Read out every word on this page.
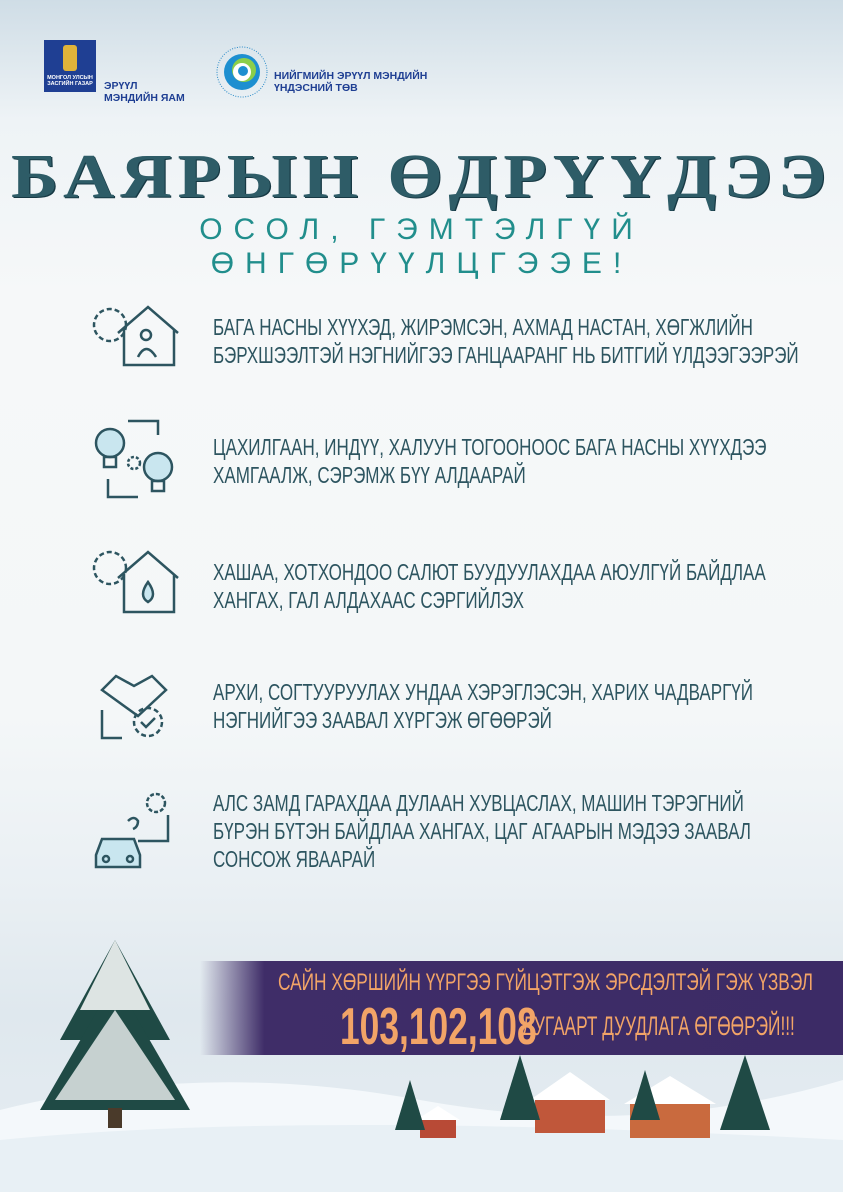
МОНГОЛ УЛСЫН ЗАСГИЙН ГАЗАР ЭРҮҮЛ
МЭНДИЙН ЯАМ
НИЙГМИЙН ЭРҮҮЛ МЭНДИЙН
ҮНДЭСНИЙ ТӨВ
БАЯРЫН ӨДРҮҮДЭЭ
ОСОЛ, ГЭМТЭЛГҮЙ ӨНГӨРҮҮЛЦГЭЭЕ!
БАГА НАСНЫ ХҮҮХЭД, ЖИРЭМСЭН, АХМАД НАСТАН, ХӨГЖЛИЙН
БЭРХШЭЭЛТЭЙ НЭГНИЙГЭЭ ГАНЦААРАНГ НЬ БИТГИЙ ҮЛДЭЭГЭЭРЭЙ
ЦАХИЛГААН, ИНДҮҮ, ХАЛУУН ТОГООНООС БАГА НАСНЫ ХҮҮХДЭЭ
ХАМГААЛЖ, СЭРЭМЖ БҮҮ АЛДААРАЙ
ХАШАА, ХОТХОНДОО САЛЮТ БУУДУУЛАХДАА АЮУЛГҮЙ БАЙДЛАА
ХАНГАХ, ГАЛ АЛДАХААС СЭРГИЙЛЭХ
АРХИ, СОГТУУРУУЛАХ УНДАА ХЭРЭГЛЭСЭН, ХАРИХ ЧАДВАРГҮЙ
НЭГНИЙГЭЭ ЗААВАЛ ХҮРГЭЖ ӨГӨӨРЭЙ
АЛС ЗАМД ГАРАХДАА ДУЛААН ХУВЦАСЛАХ, МАШИН ТЭРЭГНИЙ
БҮРЭН БҮТЭН БАЙДЛАА ХАНГАХ, ЦАГ АГААРЫН МЭДЭЭ ЗААВАЛ
СОНСОЖ ЯВААРАЙ
САЙН ХӨРШИЙН ҮҮРГЭЭ ГҮЙЦЭТГЭЖ ЭРСДЭЛТЭЙ ГЭЖ ҮЗВЭЛ
103,102,108
ДУГААРТ ДУУДЛАГА ӨГӨӨРЭЙ!!!
